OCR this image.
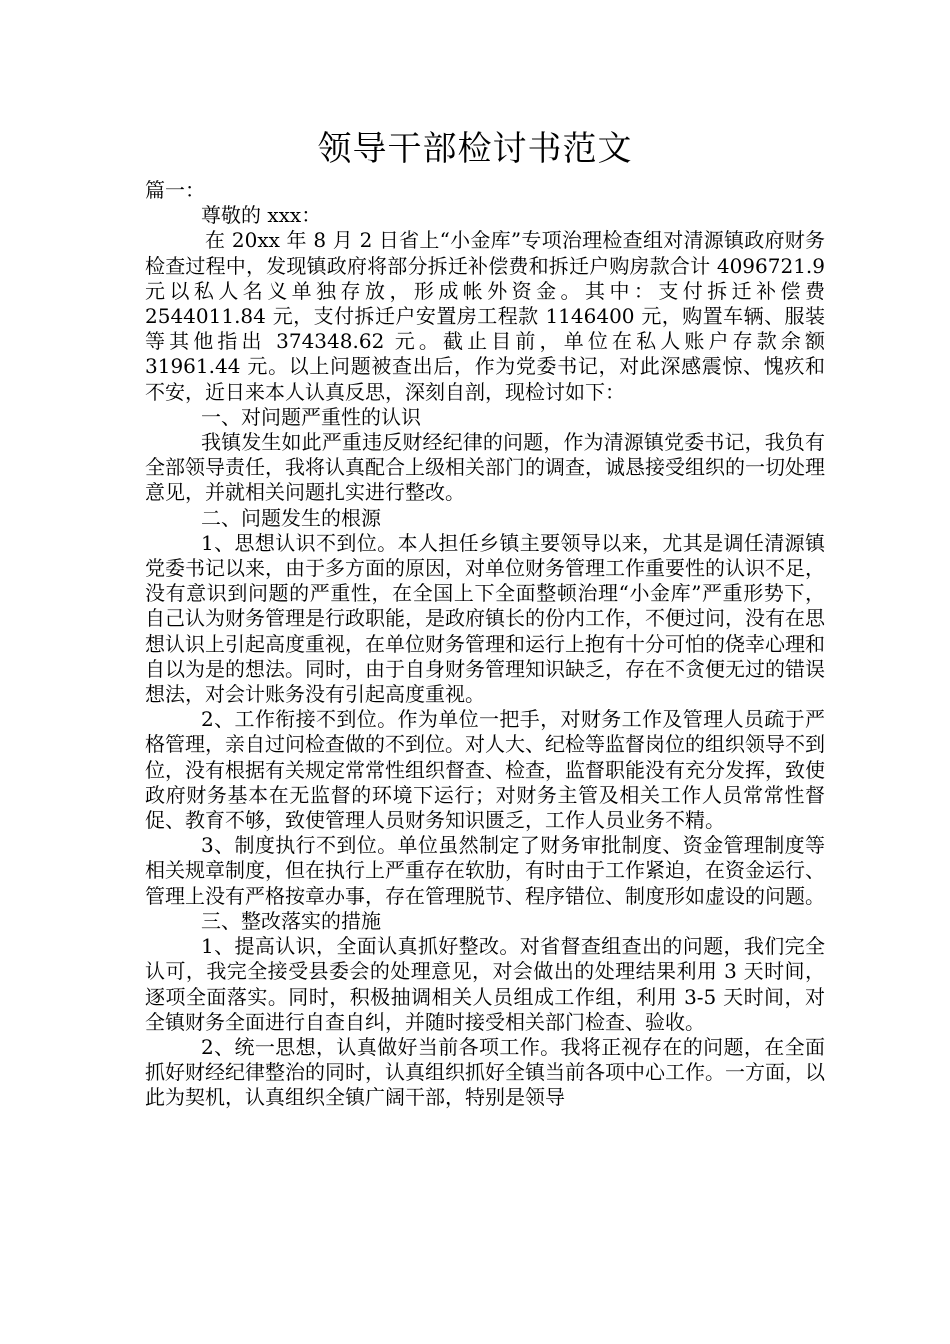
领导干部检讨书范文

篇一：

尊敬的 xxx：

在 20xx 年 8 月 2 日省上“小金库”专项治理检查组对清源镇政府财务检查过程中，发现镇政府将部分拆迁补偿费和拆迁户购房款合计 4096721.9 元以私人名义单独存放，形成帐外资金。其中：支付拆迁补偿费 2544011.84 元，支付拆迁户安置房工程款 1146400 元，购置车辆、服装等其他指出 374348.62 元。截止目前，单位在私人账户存款余额 31961.44 元。以上问题被查出后，作为党委书记，对此深感震惊、愧疚和不安，近日来本人认真反思，深刻自剖，现检讨如下：

一、对问题严重性的认识

我镇发生如此严重违反财经纪律的问题，作为清源镇党委书记，我负有全部领导责任，我将认真配合上级相关部门的调查，诚恳接受组织的一切处理意见，并就相关问题扎实进行整改。

二、问题发生的根源

1、思想认识不到位。本人担任乡镇主要领导以来，尤其是调任清源镇党委书记以来，由于多方面的原因，对单位财务管理工作重要性的认识不足，没有意识到问题的严重性，在全国上下全面整顿治理“小金库”严重形势下，自己认为财务管理是行政职能，是政府镇长的份内工作，不便过问，没有在思想认识上引起高度重视，在单位财务管理和运行上抱有十分可怕的侥幸心理和自以为是的想法。同时，由于自身财务管理知识缺乏，存在不贪便无过的错误想法，对会计账务没有引起高度重视。

2、工作衔接不到位。作为单位一把手，对财务工作及管理人员疏于严格管理，亲自过问检查做的不到位。对人大、纪检等监督岗位的组织领导不到位，没有根据有关规定常常性组织督查、检查，监督职能没有充分发挥，致使政府财务基本在无监督的环境下运行；对财务主管及相关工作人员常常性督促、教育不够，致使管理人员财务知识匮乏，工作人员业务不精。

3、制度执行不到位。单位虽然制定了财务审批制度、资金管理制度等相关规章制度，但在执行上严重存在软肋，有时由于工作紧迫，在资金运行、管理上没有严格按章办事，存在管理脱节、程序错位、制度形如虚设的问题。

三、整改落实的措施

1、提高认识，全面认真抓好整改。对省督查组查出的问题，我们完全认可，我完全接受县委会的处理意见，对会做出的处理结果利用 3 天时间，逐项全面落实。同时，积极抽调相关人员组成工作组，利用 3-5 天时间，对全镇财务全面进行自查自纠，并随时接受相关部门检查、验收。

2、统一思想，认真做好当前各项工作。我将正视存在的问题，在全面抓好财经纪律整治的同时，认真组织抓好全镇当前各项中心工作。一方面，以此为契机，认真组织全镇广阔干部，特别是领导
